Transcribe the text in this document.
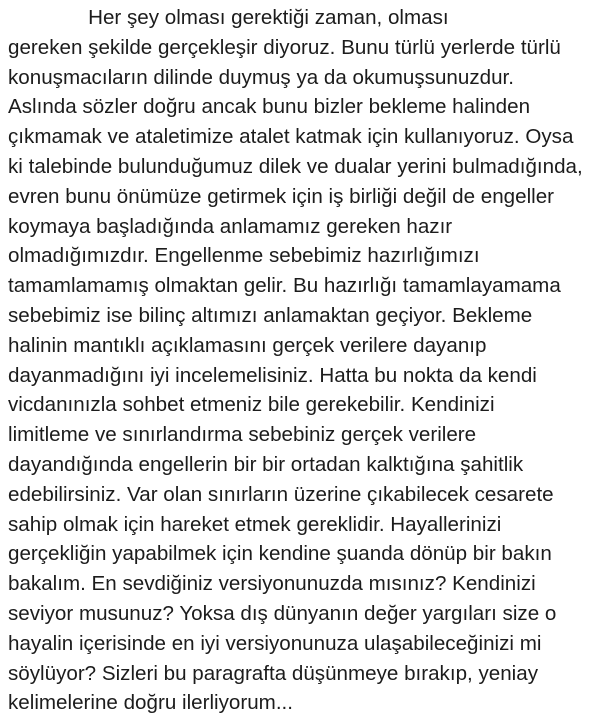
Her şey olması gerektiği zaman, olması
gereken şekilde gerçekleşir diyoruz. Bunu türlü yerlerde türlü
konuşmacıların dilinde duymuş ya da okumuşsunuzdur.
Aslında sözler doğru ancak bunu bizler bekleme halinden
çıkmamak ve ataletimize atalet katmak için kullanıyoruz. Oysa
ki talebinde bulunduğumuz dilek ve dualar yerini bulmadığında,
evren bunu önümüze getirmek için iş birliği değil de engeller
koymaya başladığında anlamamız gereken hazır
olmadığımızdır. Engellenme sebebimiz hazırlığımızı
tamamlamamış olmaktan gelir. Bu hazırlığı tamamlayamama
sebebimiz ise bilinç altımızı anlamaktan geçiyor. Bekleme
halinin mantıklı açıklamasını gerçek verilere dayanıp
dayanmadığını iyi incelemelisiniz. Hatta bu nokta da kendi
vicdanınızla sohbet etmeniz bile gerekebilir. Kendinizi
limitleme ve sınırlandırma sebebiniz gerçek verilere
dayandığında engellerin bir bir ortadan kalktığına şahitlik
edebilirsiniz. Var olan sınırların üzerine çıkabilecek cesarete
sahip olmak için hareket etmek gereklidir. Hayallerinizi
gerçekliğin yapabilmek için kendine şuanda dönüp bir bakın
bakalım. En sevdiğiniz versiyonunuzda mısınız? Kendinizi
seviyor musunuz? Yoksa dış dünyanın değer yargıları size o
hayalin içerisinde en iyi versiyonunuza ulaşabileceğinizi mi
söylüyor? Sizleri bu paragrafta düşünmeye bırakıp, yeniay
kelimelerine doğru ilerliyorum...
